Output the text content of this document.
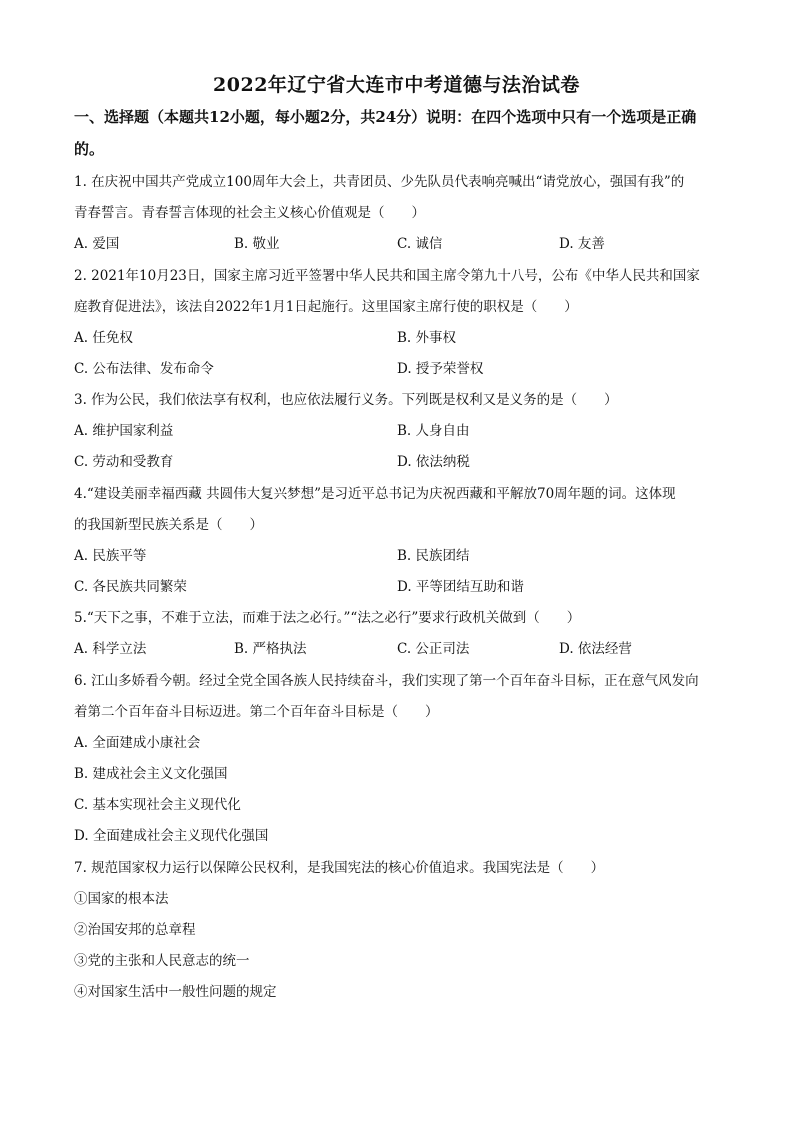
2022年辽宁省大连市中考道德与法治试卷
一、选择题（本题共12小题，每小题2分，共24分）说明：在四个选项中只有一个选项是正确的。
1. 在庆祝中国共产党成立100周年大会上，共青团员、少先队员代表响亮喊出“请党放心，强国有我”的
青春誓言。青春誓言体现的社会主义核心价值观是（　　）
A. 爱国	B. 敬业	C. 诚信	D. 友善
2. 2021年10月23日，国家主席习近平签署中华人民共和国主席令第九十八号，公布《中华人民共和国家
庭教育促进法》，该法自2022年1月1日起施行。这里国家主席行使的职权是（　　）
A. 任免权	B. 外事权
C. 公布法律、发布命令	D. 授予荣誉权
3. 作为公民，我们依法享有权利，也应依法履行义务。下列既是权利又是义务的是（　　）
A. 维护国家利益	B. 人身自由
C. 劳动和受教育	D. 依法纳税
4.“建设美丽幸福西藏 共圆伟大复兴梦想”是习近平总书记为庆祝西藏和平解放70周年题的词。这体现
的我国新型民族关系是（　　）
A. 民族平等	B. 民族团结
C. 各民族共同繁荣	D. 平等团结互助和谐
5.“天下之事，不难于立法，而难于法之必行。”“法之必行”要求行政机关做到（　　）
A. 科学立法	B. 严格执法	C. 公正司法	D. 依法经营
6. 江山多娇看今朝。经过全党全国各族人民持续奋斗，我们实现了第一个百年奋斗目标，正在意气风发向
着第二个百年奋斗目标迈进。第二个百年奋斗目标是（　　）
A. 全面建成小康社会
B. 建成社会主义文化强国
C. 基本实现社会主义现代化
D. 全面建成社会主义现代化强国
7. 规范国家权力运行以保障公民权利，是我国宪法的核心价值追求。我国宪法是（　　）
①国家的根本法
②治国安邦的总章程
③党的主张和人民意志的统一
④对国家生活中一般性问题的规定
